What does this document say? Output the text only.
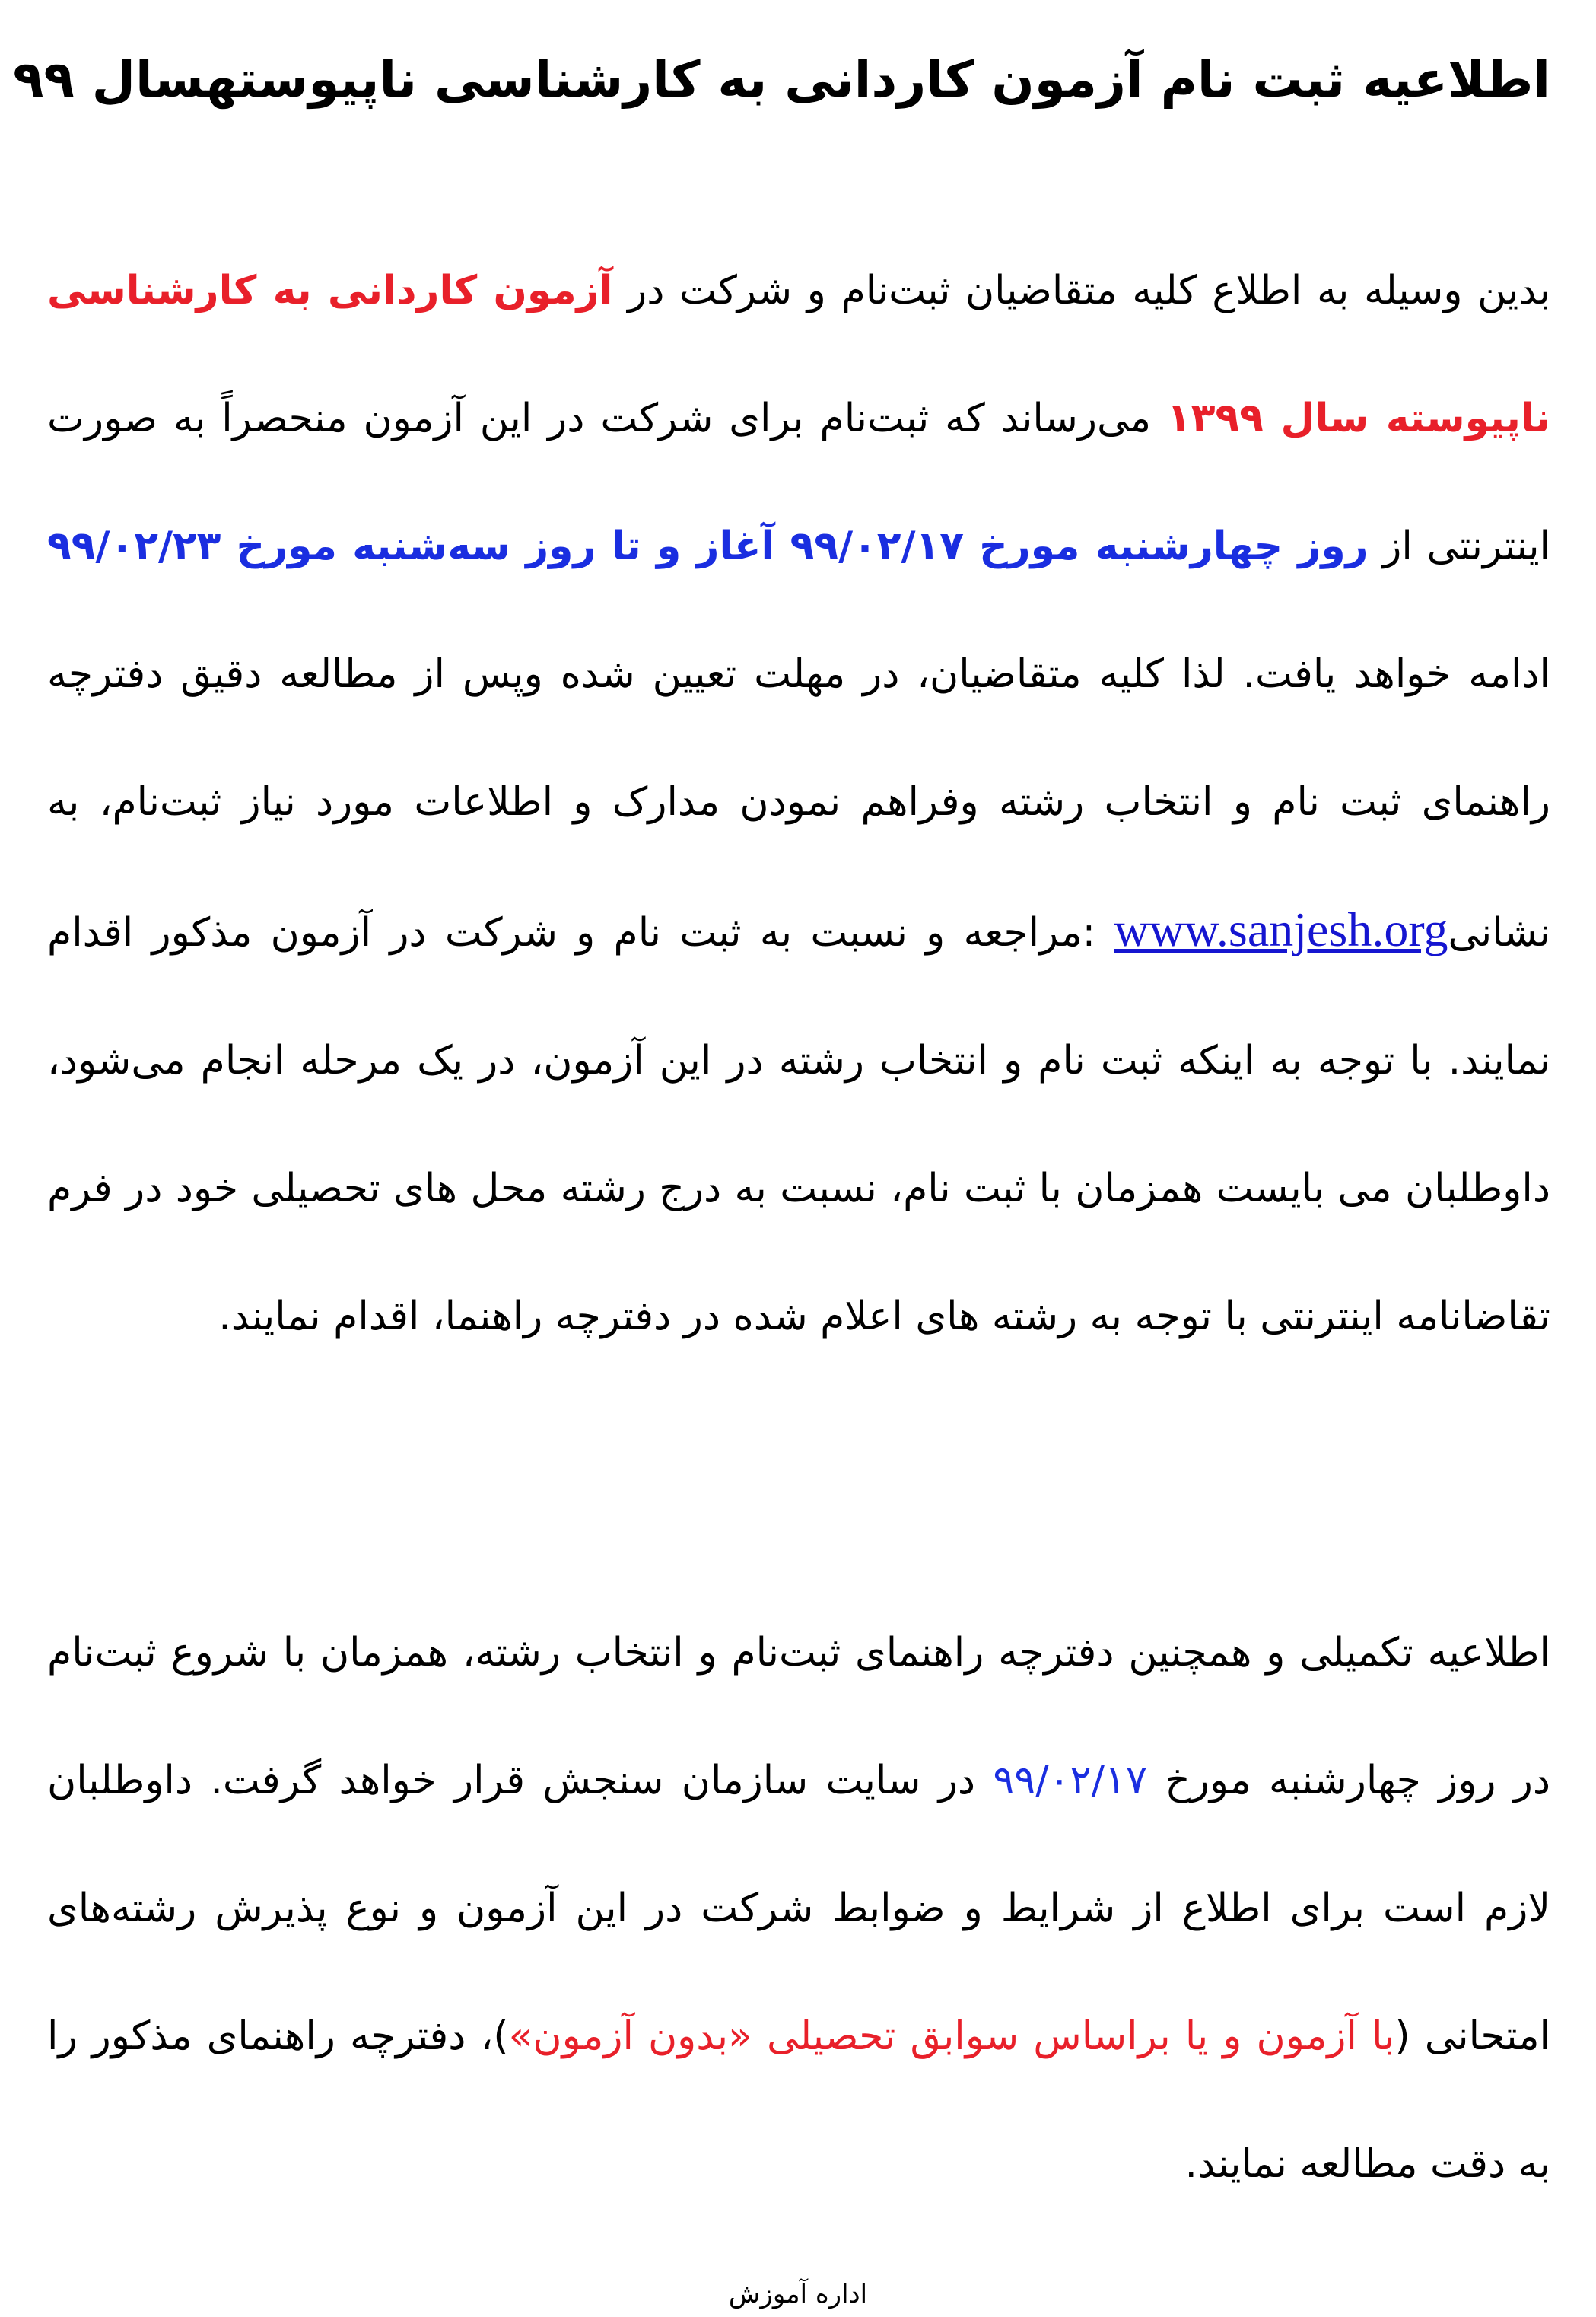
اطلاعیه ثبت نام آزمون کاردانی به کارشناسی ناپیوستهسال ۹۹
بدین وسیله به اطلاع کلیه متقاضیان ثبت‌نام و شرکت در آزمون کاردانی به کارشناسی ناپیوسته سال ۱۳۹۹ می‌رساند که ثبت‌نام برای شرکت در این آزمون منحصراً به صورت اینترنتی از روز چهارشنبه مورخ ۹۹/۰۲/۱۷ آغاز و تا روز سه‌شنبه مورخ ۹۹/۰۲/۲۳ ادامه خواهد یافت. لذا کلیه متقاضیان، در مهلت تعیین شده وپس از مطالعه دقیق دفترچه راهنمای ثبت نام و انتخاب رشته وفراهم نمودن مدارک و اطلاعات مورد نیاز ثبت‌نام، به نشانیwww.sanjesh.org :مراجعه و نسبت به ثبت نام و شرکت در آزمون مذکور اقدام نمایند. با توجه به اینکه ثبت نام و انتخاب رشته در این آزمون، در یک مرحله انجام می‌شود، داوطلبان می بایست همزمان با ثبت نام، نسبت به درج رشته محل های تحصیلی خود در فرم تقاضانامه اینترنتی با توجه به رشته های اعلام شده در دفترچه راهنما، اقدام نمایند.
اطلاعیه تکمیلی و همچنین دفترچه راهنمای ثبت‌نام و انتخاب رشته، همزمان با شروع ثبت‌نام در روز چهارشنبه مورخ ۹۹/۰۲/۱۷ در سایت سازمان سنجش قرار خواهد گرفت. داوطلبان لازم است برای اطلاع از شرایط و ضوابط شرکت در این آزمون و نوع پذیرش رشته‌های امتحانی (با آزمون و یا براساس سوابق تحصیلی «بدون آزمون»)، دفترچه راهنمای مذکور را به دقت مطالعه نمایند.
اداره آموزش
